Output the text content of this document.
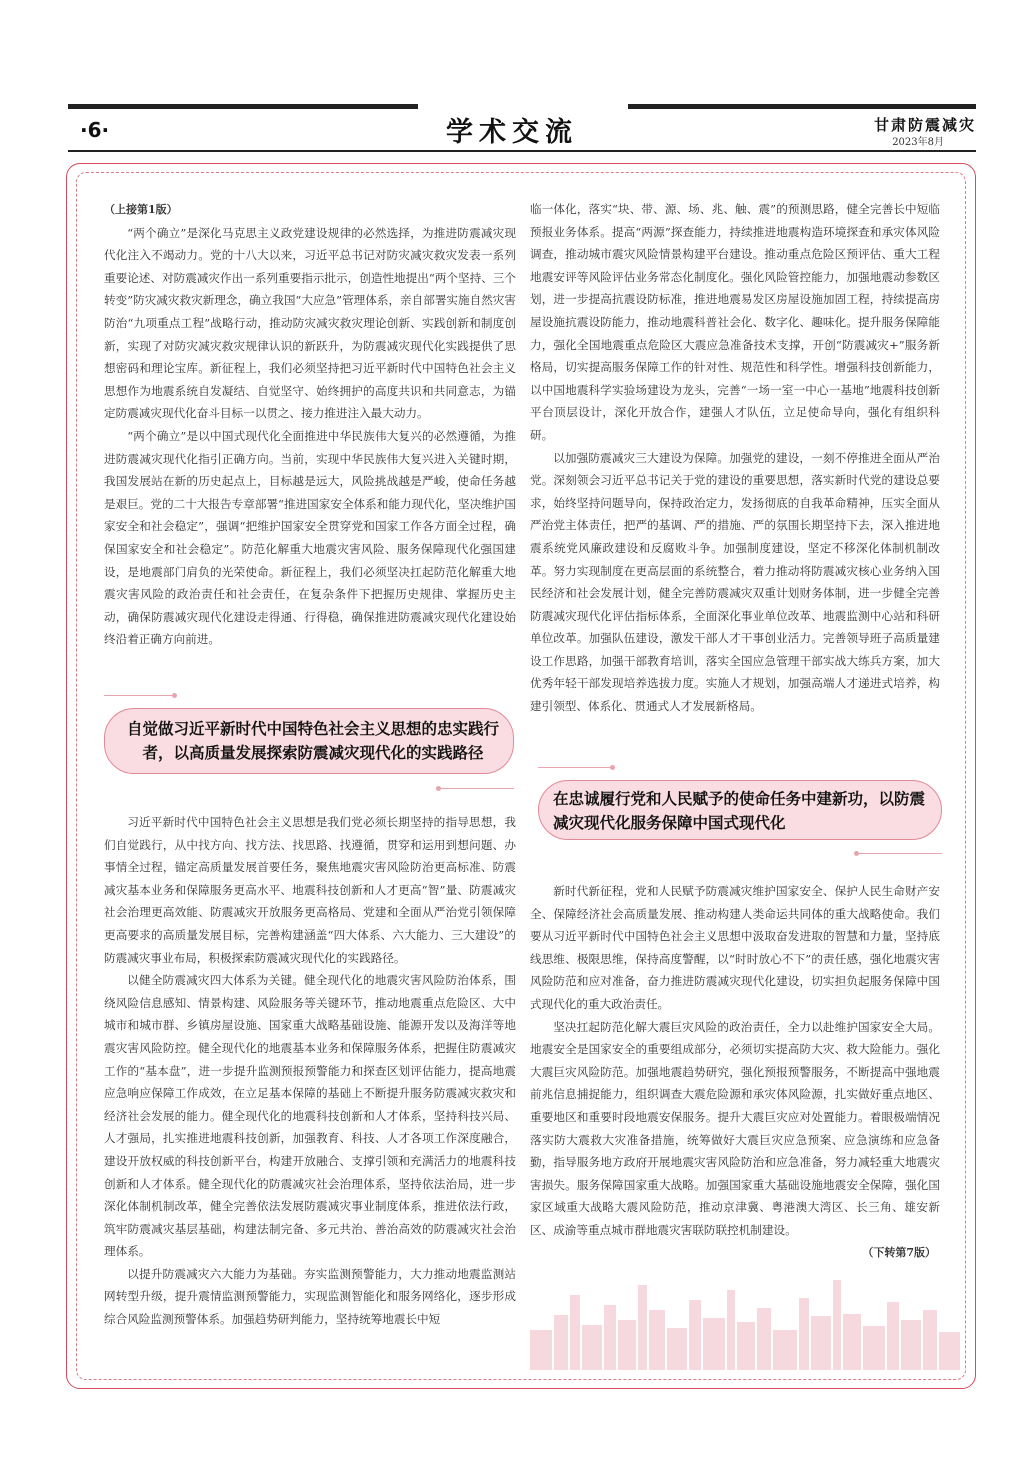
·6·	学术交流	甘肃防震减灾
2023年8月

（上接第1版）

“两个确立”是深化马克思主义政党建设规律的必然选择，为推进防震减灾现代化注入不竭动力。党的十八大以来，习近平总书记对防灾减灾救灾发表一系列重要论述、对防震减灾作出一系列重要指示批示，创造性地提出“两个坚持、三个转变”防灾减灾救灾新理念，确立我国“大应急”管理体系，亲自部署实施自然灾害防治“九项重点工程”战略行动，推动防灾减灾救灾理论创新、实践创新和制度创新，实现了对防灾减灾救灾规律认识的新跃升，为防震减灾现代化实践提供了思想密码和理论宝库。新征程上，我们必须坚持把习近平新时代中国特色社会主义思想作为地震系统自发凝结、自觉坚守、始终拥护的高度共识和共同意志，为锚定防震减灾现代化奋斗目标一以贯之、接力推进注入最大动力。

“两个确立”是以中国式现代化全面推进中华民族伟大复兴的必然遵循，为推进防震减灾现代化指引正确方向。当前，实现中华民族伟大复兴进入关键时期，我国发展站在新的历史起点上，目标越是远大，风险挑战越是严峻，使命任务越是艰巨。党的二十大报告专章部署“推进国家安全体系和能力现代化，坚决维护国家安全和社会稳定”，强调“把维护国家安全贯穿党和国家工作各方面全过程，确保国家安全和社会稳定”。防范化解重大地震灾害风险、服务保障现代化强国建设，是地震部门肩负的光荣使命。新征程上，我们必须坚决扛起防范化解重大地震灾害风险的政治责任和社会责任，在复杂条件下把握历史规律、掌握历史主动，确保防震减灾现代化建设走得通、行得稳，确保推进防震减灾现代化建设始终沿着正确方向前进。

自觉做习近平新时代中国特色社会主义思想的忠实践行者，以高质量发展探索防震减灾现代化的实践路径

习近平新时代中国特色社会主义思想是我们党必须长期坚持的指导思想，我们自觉践行，从中找方向、找方法、找思路、找遵循，贯穿和运用到想问题、办事情全过程，锚定高质量发展首要任务，聚焦地震灾害风险防治更高标准、防震减灾基本业务和保障服务更高水平、地震科技创新和人才更高“智”量、防震减灾社会治理更高效能、防震减灾开放服务更高格局、党建和全面从严治党引领保障更高要求的高质量发展目标，完善构建涵盖“四大体系、六大能力、三大建设”的防震减灾事业布局，积极探索防震减灾现代化的实践路径。

以健全防震减灾四大体系为关键。健全现代化的地震灾害风险防治体系，围绕风险信息感知、情景构建、风险服务等关键环节，推动地震重点危险区、大中城市和城市群、乡镇房屋设施、国家重大战略基础设施、能源开发以及海洋等地震灾害风险防控。健全现代化的地震基本业务和保障服务体系，把握住防震减灾工作的“基本盘”，进一步提升监测预报预警能力和探查区划评估能力，提高地震应急响应保障工作成效，在立足基本保障的基础上不断提升服务防震减灾救灾和经济社会发展的能力。健全现代化的地震科技创新和人才体系，坚持科技兴局、人才强局，扎实推进地震科技创新，加强教育、科技、人才各项工作深度融合，建设开放权威的科技创新平台，构建开放融合、支撑引领和充满活力的地震科技创新和人才体系。健全现代化的防震减灾社会治理体系，坚持依法治局，进一步深化体制机制改革，健全完善依法发展防震减灾事业制度体系，推进依法行政，筑牢防震减灾基层基础，构建法制完备、多元共治、善治高效的防震减灾社会治理体系。

以提升防震减灾六大能力为基础。夯实监测预警能力，大力推动地震监测站网转型升级，提升震情监测预警能力，实现监测智能化和服务网络化，逐步形成综合风险监测预警体系。加强趋势研判能力，坚持统筹地震长中短

临一体化，落实“块、带、源、场、兆、触、震”的预测思路，健全完善长中短临预报业务体系。提高“两源”探查能力，持续推进地震构造环境探查和承灾体风险调查，推动城市震灾风险情景构建平台建设。推动重点危险区预评估、重大工程地震安评等风险评估业务常态化制度化。强化风险管控能力，加强地震动参数区划，进一步提高抗震设防标准，推进地震易发区房屋设施加固工程，持续提高房屋设施抗震设防能力，推动地震科普社会化、数字化、趣味化。提升服务保障能力，强化全国地震重点危险区大震应急准备技术支撑，开创“防震减灾+”服务新格局，切实提高服务保障工作的针对性、规范性和科学性。增强科技创新能力，以中国地震科学实验场建设为龙头，完善“一场一室一中心一基地”地震科技创新平台顶层设计，深化开放合作，建强人才队伍，立足使命导向，强化有组织科研。

以加强防震减灾三大建设为保障。加强党的建设，一刻不停推进全面从严治党。深刻领会习近平总书记关于党的建设的重要思想，落实新时代党的建设总要求，始终坚持问题导向，保持政治定力，发扬彻底的自我革命精神，压实全面从严治党主体责任，把严的基调、严的措施、严的氛围长期坚持下去，深入推进地震系统党风廉政建设和反腐败斗争。加强制度建设，坚定不移深化体制机制改革。努力实现制度在更高层面的系统整合，着力推动将防震减灾核心业务纳入国民经济和社会发展计划，健全完善防震减灾双重计划财务体制，进一步健全完善防震减灾现代化评估指标体系，全面深化事业单位改革、地震监测中心站和科研单位改革。加强队伍建设，激发干部人才干事创业活力。完善领导班子高质量建设工作思路，加强干部教育培训，落实全国应急管理干部实战大练兵方案，加大优秀年轻干部发现培养选拔力度。实施人才规划，加强高端人才递进式培养，构建引领型、体系化、贯通式人才发展新格局。

在忠诚履行党和人民赋予的使命任务中建新功，以防震减灾现代化服务保障中国式现代化

新时代新征程，党和人民赋予防震减灾维护国家安全、保护人民生命财产安全、保障经济社会高质量发展、推动构建人类命运共同体的重大战略使命。我们要从习近平新时代中国特色社会主义思想中汲取奋发进取的智慧和力量，坚持底线思维、极限思维，保持高度警醒，以“时时放心不下”的责任感，强化地震灾害风险防范和应对准备，奋力推进防震减灾现代化建设，切实担负起服务保障中国式现代化的重大政治责任。

坚决扛起防范化解大震巨灾风险的政治责任，全力以赴维护国家安全大局。地震安全是国家安全的重要组成部分，必须切实提高防大灾、救大险能力。强化大震巨灾风险防范。加强地震趋势研究，强化预报预警服务，不断提高中强地震前兆信息捕捉能力，组织调查大震危险源和承灾体风险源，扎实做好重点地区、重要地区和重要时段地震安保服务。提升大震巨灾应对处置能力。着眼极端情况落实防大震救大灾准备措施，统筹做好大震巨灾应急预案、应急演练和应急备勤，指导服务地方政府开展地震灾害风险防治和应急准备，努力减轻重大地震灾害损失。服务保障国家重大战略。加强国家重大基础设施地震安全保障，强化国家区域重大战略大震风险防范，推动京津冀、粤港澳大湾区、长三角、雄安新区、成渝等重点城市群地震灾害联防联控机制建设。

（下转第7版）
